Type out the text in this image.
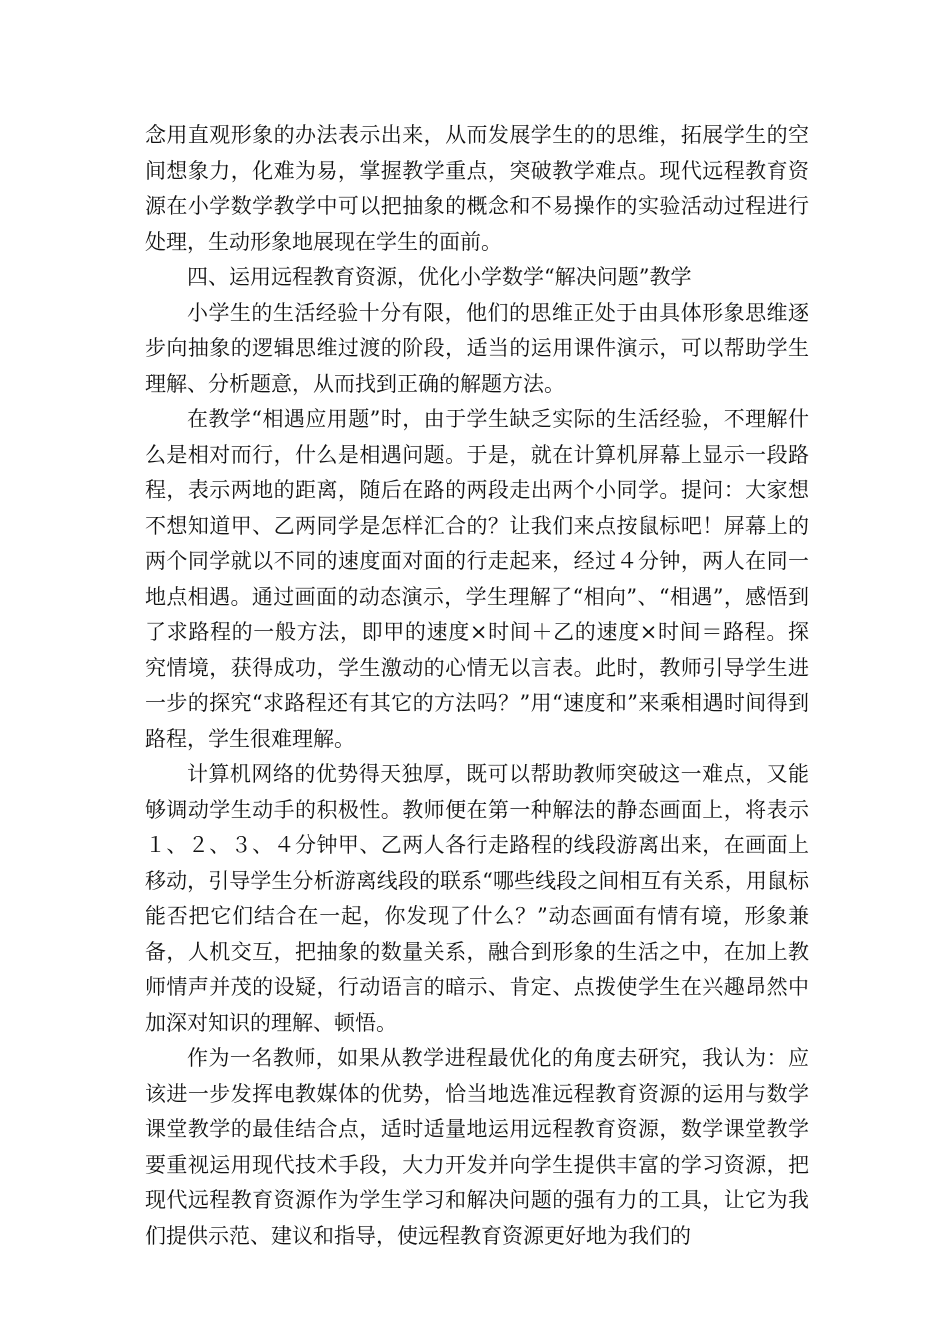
念用直观形象的办法表示出来，从而发展学生的的思维，拓展学生的空间想象力，化难为易，掌握教学重点，突破教学难点。现代远程教育资源在小学数学教学中可以把抽象的概念和不易操作的实验活动过程进行处理，生动形象地展现在学生的面前。

四、运用远程教育资源，优化小学数学“解决问题”教学

小学生的生活经验十分有限，他们的思维正处于由具体形象思维逐步向抽象的逻辑思维过渡的阶段，适当的运用课件演示，可以帮助学生理解、分析题意，从而找到正确的解题方法。

在教学“相遇应用题”时，由于学生缺乏实际的生活经验，不理解什么是相对而行，什么是相遇问题。于是，就在计算机屏幕上显示一段路程，表示两地的距离，随后在路的两段走出两个小同学。提问：大家想不想知道甲、乙两同学是怎样汇合的？让我们来点按鼠标吧！屏幕上的两个同学就以不同的速度面对面的行走起来，经过４分钟，两人在同一地点相遇。通过画面的动态演示，学生理解了“相向”、“相遇”，感悟到了求路程的一般方法，即甲的速度×时间＋乙的速度×时间＝路程。探究情境，获得成功，学生激动的心情无以言表。此时，教师引导学生进一步的探究“求路程还有其它的方法吗？”用“速度和”来乘相遇时间得到路程，学生很难理解。

计算机网络的优势得天独厚，既可以帮助教师突破这一难点，又能够调动学生动手的积极性。教师便在第一种解法的静态画面上，将表示１、２、３、４分钟甲、乙两人各行走路程的线段游离出来，在画面上移动，引导学生分析游离线段的联系“哪些线段之间相互有关系，用鼠标能否把它们结合在一起，你发现了什么？”动态画面有情有境，形象兼备，人机交互，把抽象的数量关系，融合到形象的生活之中，在加上教师情声并茂的设疑，行动语言的暗示、肯定、点拨使学生在兴趣昂然中加深对知识的理解、顿悟。

作为一名教师，如果从教学进程最优化的角度去研究，我认为：应该进一步发挥电教媒体的优势，恰当地选准远程教育资源的运用与数学课堂教学的最佳结合点，适时适量地运用远程教育资源，数学课堂教学要重视运用现代技术手段，大力开发并向学生提供丰富的学习资源，把现代远程教育资源作为学生学习和解决问题的强有力的工具，让它为我们提供示范、建议和指导，使远程教育资源更好地为我们的
